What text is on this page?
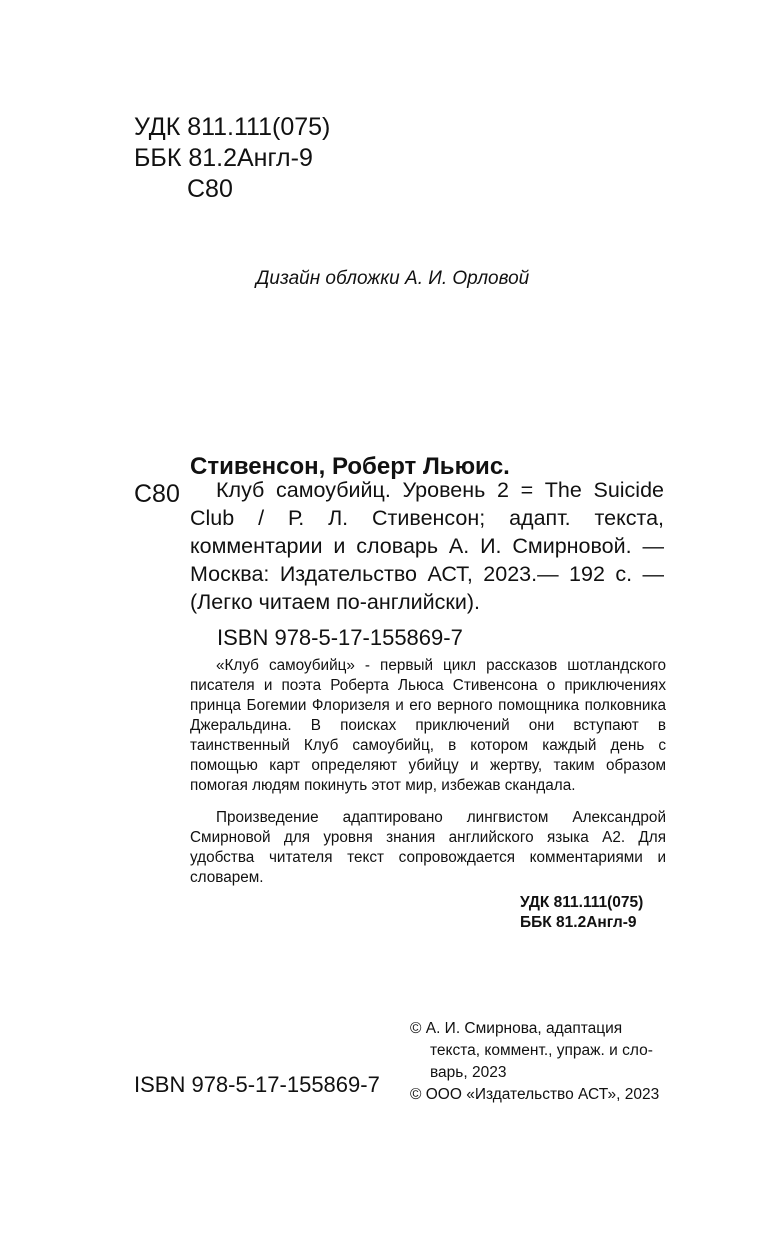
УДК 811.111(075)
ББК 81.2Англ-9
С80
Дизайн обложки А. И. Орловой
Стивенсон, Роберт Льюис.
С80	Клуб самоубийц. Уровень 2 = The Suicide Club / Р. Л. Стивенсон; адапт. текста, комментарии и словарь А. И. Смирновой. — Москва: Издательство АСТ, 2023.— 192 с. — (Легко читаем по-английски).

ISBN 978-5-17-155869-7

«Клуб самоубийц» - первый цикл рассказов шотландского писателя и поэта Роберта Льюса Стивенсона о приключениях принца Богемии Флоризеля и его верного помощника полковника Джеральдина. В поисках приключений они вступают в таинственный Клуб самоубийц, в котором каждый день с помощью карт определяют убийцу и жертву, таким образом помогая людям покинуть этот мир, избежав скандала.

Произведение адаптировано лингвистом Александрой Смирновой для уровня знания английского языка А2. Для удобства читателя текст сопровождается комментариями и словарем.

УДК 811.111(075)
ББК 81.2Англ-9
© А. И. Смирнова, адаптация
текста, коммент., упраж. и сло-
варь, 2023
© ООО «Издательство АСТ», 2023
ISBN 978-5-17-155869-7
